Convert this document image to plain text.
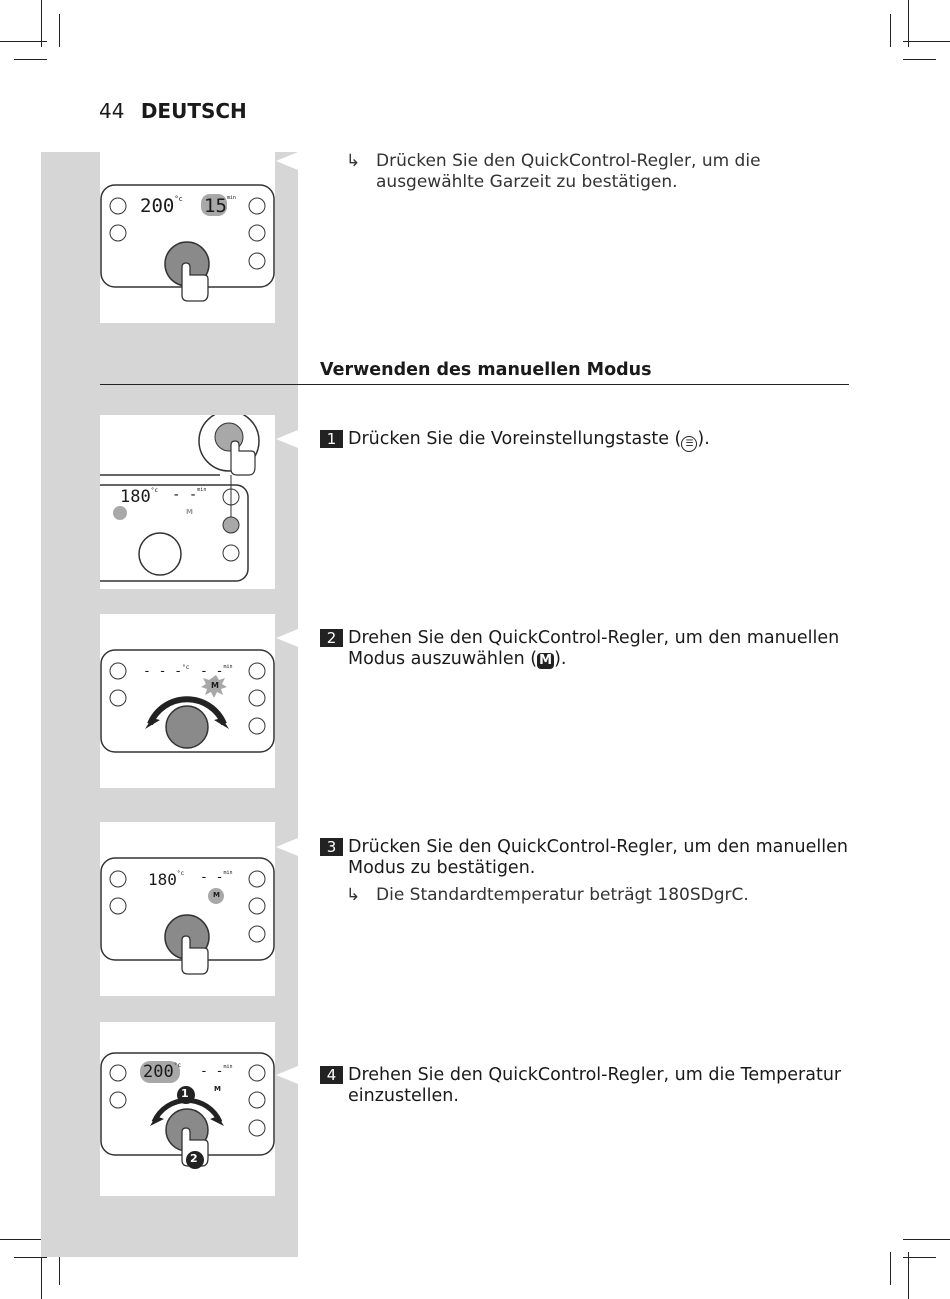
44 DEUTSCH
$200^{^\circ c}$ $15^{min}$
↳ Drücken Sie den QuickControl-Regler, um die ausgewählte Garzeit zu bestätigen.
Verwenden des manuellen Modus
$180^{^\circ c} - -^{min}$
M
1 Drücken Sie die Voreinstellungstaste ( ☰ ).
- - -$^{^\circ c}$ - -$^{min}$
M
2 Drehen Sie den QuickControl-Regler, um den manuellen Modus auszuwählen ( M ).
$180^{^\circ c} - -^{min}$
M
3 Drücken Sie den QuickControl-Regler, um den manuellen Modus zu bestätigen.
↳ Die Standardtemperatur beträgt 180SDgrC.
$200^{^\circ c} - -^{min}$
M
1
2
4 Drehen Sie den QuickControl-Regler, um die Temperatur einzustellen.
